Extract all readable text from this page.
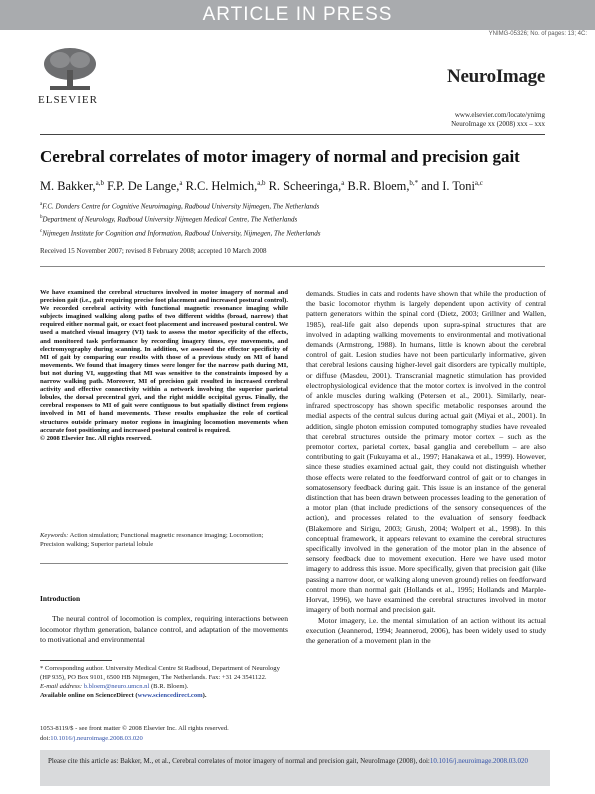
ARTICLE IN PRESS
YNIMG-05326; No. of pages: 13; 4C:
ELSEVIER
NeuroImage
www.elsevier.com/locate/ynimg
NeuroImage xx (2008) xxx – xxx
Cerebral correlates of motor imagery of normal and precision gait
M. Bakker,$^{a,b}$ F.P. De Lange,$^a$ R.C. Helmich,$^{a,b}$ R. Scheeringa,$^a$ B.R. Bloem,$^{b,*}$ and I. Toni$^{a,c}$
$^a$F.C. Donders Centre for Cognitive Neuroimaging, Radboud University Nijmegen, The Netherlands
$^b$Department of Neurology, Radboud University Nijmegen Medical Centre, The Netherlands
$^c$Nijmegen Institute for Cognition and Information, Radboud University, Nijmegen, The Netherlands
Received 15 November 2007; revised 8 February 2008; accepted 10 March 2008
We have examined the cerebral structures involved in motor imagery of normal and precision gait (i.e., gait requiring precise foot placement and increased postural control). We recorded cerebral activity with functional magnetic resonance imaging while subjects imagined walking along paths of two different widths (broad, narrow) that required either normal gait, or exact foot placement and increased postural control. We used a matched visual imagery (VI) task to assess the motor specificity of the effects, and monitored task performance by recording imagery times, eye movements, and electromyography during scanning. In addition, we assessed the effector specificity of MI of gait by comparing our results with those of a previous study on MI of hand movements. We found that imagery times were longer for the narrow path during MI, but not during VI, suggesting that MI was sensitive to the constraints imposed by a narrow walking path. Moreover, MI of precision gait resulted in increased cerebral activity and effective connectivity within a network involving the superior parietal lobules, the dorsal precentral gyri, and the right middle occipital gyrus. Finally, the cerebral responses to MI of gait were contiguous to but spatially distinct from regions involved in MI of hand movements. These results emphasize the role of cortical structures outside primary motor regions in imagining locomotion movements when accurate foot positioning and increased postural control is required.
© 2008 Elsevier Inc. All rights reserved.
Keywords: Action simulation; Functional magnetic resonance imaging; Locomotion; Precision walking; Superior parietal lobule
Introduction
The neural control of locomotion is complex, requiring interactions between locomotor rhythm generation, balance control, and adaptation of the movements to motivational and environmental
* Corresponding author. University Medical Centre St Radboud, Department of Neurology (HP 935), PO Box 9101, 6500 HB Nijmegen, The Netherlands. Fax: +31 24 3541122.
E-mail address: b.bloem@neuro.umcn.nl (B.R. Bloem).
Available online on ScienceDirect (www.sciencedirect.com).
1053-8119/$ - see front matter © 2008 Elsevier Inc. All rights reserved.
doi:10.1016/j.neuroimage.2008.03.020

demands. Studies in cats and rodents have shown that while the production of the basic locomotor rhythm is largely dependent upon activity of central pattern generators within the spinal cord (Dietz, 2003; Grillner and Wallen, 1985), real-life gait also depends upon supra-spinal structures that are involved in adapting walking movements to environmental and motivational demands (Armstrong, 1988). In humans, little is known about the cerebral control of gait. Lesion studies have not been particularly informative, given that cerebral lesions causing higher-level gait disorders are typically multiple, or diffuse (Masdeu, 2001). Transcranial magnetic stimulation has provided electrophysiological evidence that the motor cortex is involved in the control of ankle muscles during walking (Petersen et al., 2001). Similarly, near-infrared spectroscopy has shown specific metabolic responses around the medial aspects of the central sulcus during actual gait (Miyai et al., 2001). In addition, single photon emission computed tomography studies have revealed that cerebral structures outside the primary motor cortex – such as the premotor cortex, parietal cortex, basal ganglia and cerebellum – are also contributing to gait (Fukuyama et al., 1997; Hanakawa et al., 1999). However, since these studies examined actual gait, they could not distinguish whether those effects were related to the feedforward control of gait or to changes in somatosensory feedback during gait. This issue is an instance of the general distinction that has been drawn between processes leading to the generation of a motor plan (that include predictions of the sensory consequences of the action), and processes related to the evaluation of sensory feedback (Blakemore and Sirigu, 2003; Grush, 2004; Wolpert et al., 1998). In this conceptual framework, it appears relevant to examine the cerebral structures specifically involved in the generation of the motor plan in the absence of sensory feedback due to movement execution. Here we have used motor imagery to address this issue. More specifically, given that precision gait (like passing a narrow door, or walking along uneven ground) relies on feedforward control more than normal gait (Hollands et al., 1995; Hollands and Marple-Horvat, 1996), we have examined the cerebral structures involved in motor imagery of both normal and precision gait.

Motor imagery, i.e. the mental simulation of an action without its actual execution (Jeannerod, 1994; Jeannerod, 2006), has been widely used to study the generation of a movement plan in the

Please cite this article as: Bakker, M., et al., Cerebral correlates of motor imagery of normal and precision gait, NeuroImage (2008), doi:10.1016/j.neuroimage.2008.03.020
